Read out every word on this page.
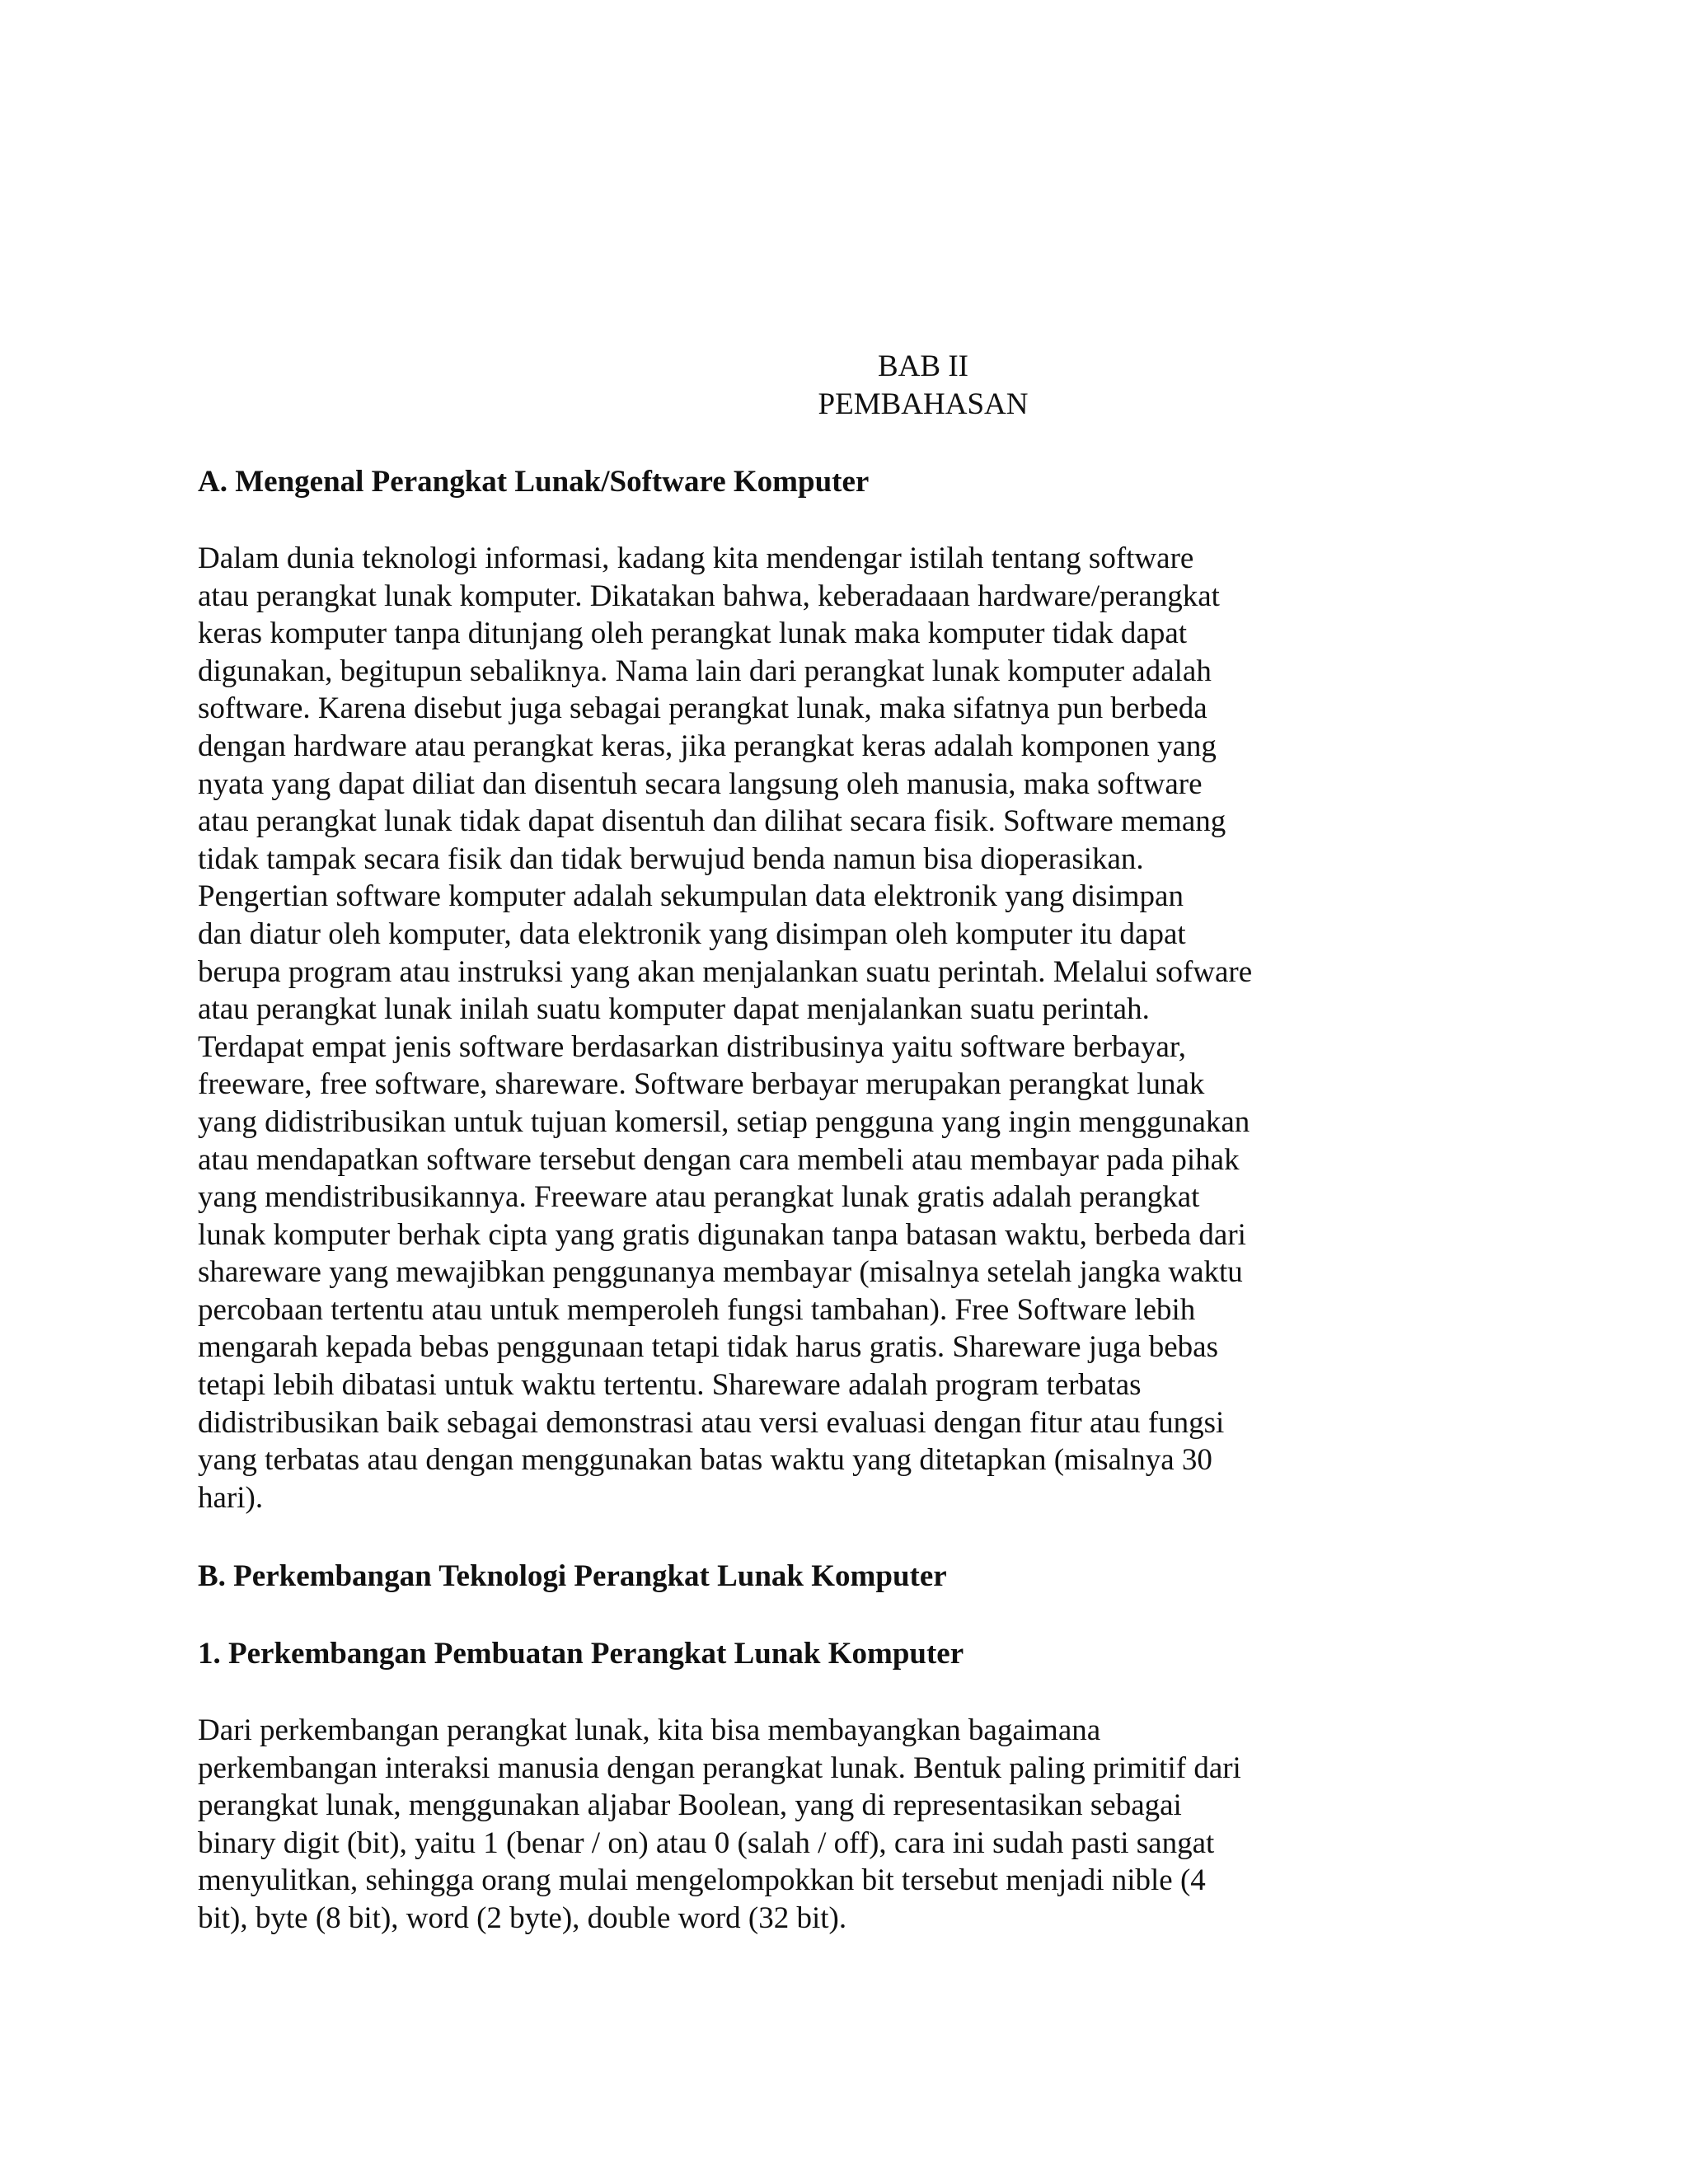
BAB II
PEMBAHASAN
A. Mengenal Perangkat Lunak/Software Komputer
Dalam dunia teknologi informasi, kadang kita mendengar istilah tentang software
atau perangkat lunak komputer. Dikatakan bahwa, keberadaaan hardware/perangkat
keras komputer tanpa ditunjang oleh perangkat lunak maka komputer tidak dapat
digunakan, begitupun sebaliknya. Nama lain dari perangkat lunak komputer adalah
software. Karena disebut juga sebagai perangkat lunak, maka sifatnya pun berbeda
dengan hardware atau perangkat keras, jika perangkat keras adalah komponen yang
nyata yang dapat diliat dan disentuh secara langsung oleh manusia, maka software
atau perangkat lunak tidak dapat disentuh dan dilihat secara fisik. Software memang
tidak tampak secara fisik dan tidak berwujud benda namun bisa dioperasikan.
Pengertian software komputer adalah sekumpulan data elektronik yang disimpan
dan diatur oleh komputer, data elektronik yang disimpan oleh komputer itu dapat
berupa program atau instruksi yang akan menjalankan suatu perintah. Melalui sofware
atau perangkat lunak inilah suatu komputer dapat menjalankan suatu perintah.
Terdapat empat jenis software berdasarkan distribusinya yaitu software berbayar,
freeware, free software, shareware. Software berbayar merupakan perangkat lunak
yang didistribusikan untuk tujuan komersil, setiap pengguna yang ingin menggunakan
atau mendapatkan software tersebut dengan cara membeli atau membayar pada pihak
yang mendistribusikannya. Freeware atau perangkat lunak gratis adalah perangkat
lunak komputer berhak cipta yang gratis digunakan tanpa batasan waktu, berbeda dari
shareware yang mewajibkan penggunanya membayar (misalnya setelah jangka waktu
percobaan tertentu atau untuk memperoleh fungsi tambahan). Free Software lebih
mengarah kepada bebas penggunaan tetapi tidak harus gratis. Shareware juga bebas
tetapi lebih dibatasi untuk waktu tertentu. Shareware adalah program terbatas
didistribusikan baik sebagai demonstrasi atau versi evaluasi dengan fitur atau fungsi
yang terbatas atau dengan menggunakan batas waktu yang ditetapkan (misalnya 30
hari).
B. Perkembangan Teknologi Perangkat Lunak Komputer
1. Perkembangan Pembuatan Perangkat Lunak Komputer
Dari perkembangan perangkat lunak, kita bisa membayangkan bagaimana
perkembangan interaksi manusia dengan perangkat lunak. Bentuk paling primitif dari
perangkat lunak, menggunakan aljabar Boolean, yang di representasikan sebagai
binary digit (bit), yaitu 1 (benar / on) atau 0 (salah / off), cara ini sudah pasti sangat
menyulitkan, sehingga orang mulai mengelompokkan bit tersebut menjadi nible (4
bit), byte (8 bit), word (2 byte), double word (32 bit).
